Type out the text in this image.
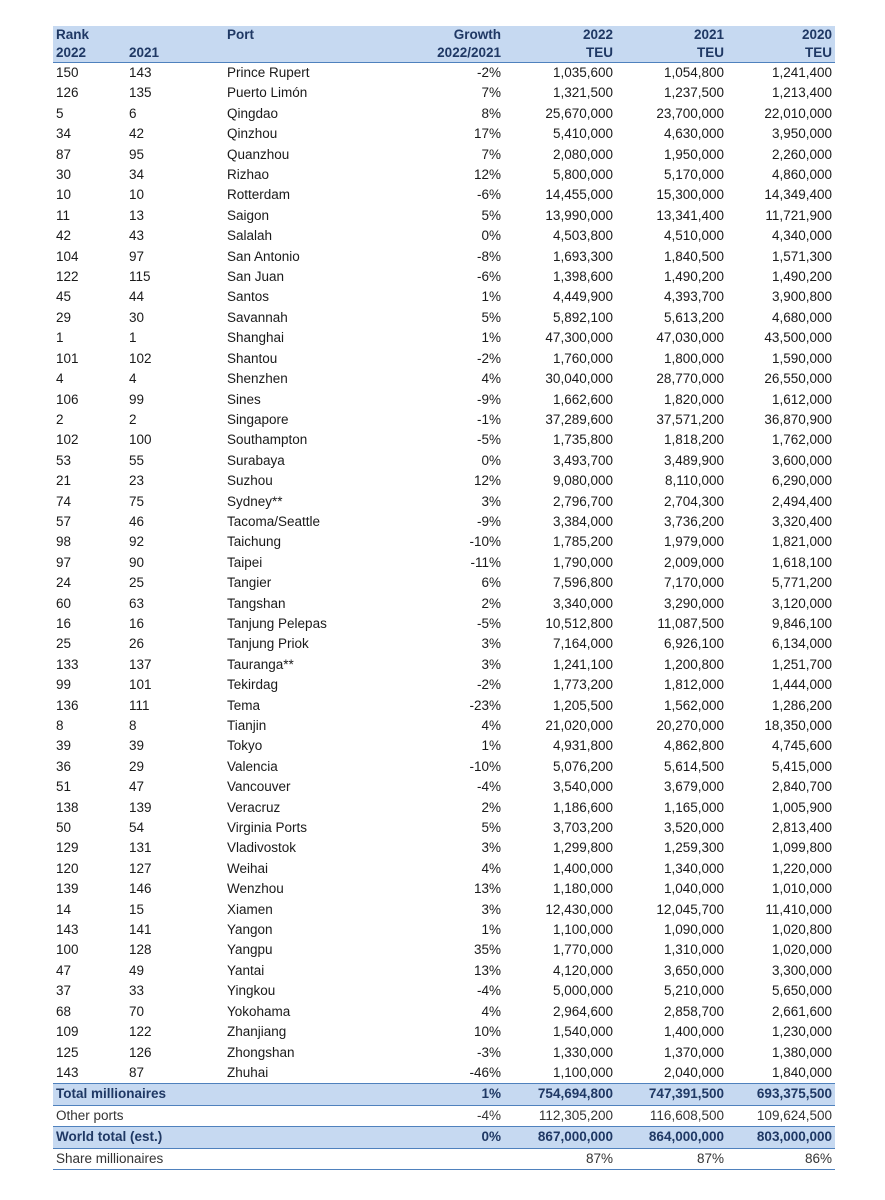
Rank		Port	Growth	2022	2021	2020
2022	2021		2022/2021	TEU	TEU	TEU
150	143	Prince Rupert	-2%	1,035,600	1,054,800	1,241,400
126	135	Puerto Limón	7%	1,321,500	1,237,500	1,213,400
5	6	Qingdao	8%	25,670,000	23,700,000	22,010,000
34	42	Qinzhou	17%	5,410,000	4,630,000	3,950,000
87	95	Quanzhou	7%	2,080,000	1,950,000	2,260,000
30	34	Rizhao	12%	5,800,000	5,170,000	4,860,000
10	10	Rotterdam	-6%	14,455,000	15,300,000	14,349,400
11	13	Saigon	5%	13,990,000	13,341,400	11,721,900
42	43	Salalah	0%	4,503,800	4,510,000	4,340,000
104	97	San Antonio	-8%	1,693,300	1,840,500	1,571,300
122	115	San Juan	-6%	1,398,600	1,490,200	1,490,200
45	44	Santos	1%	4,449,900	4,393,700	3,900,800
29	30	Savannah	5%	5,892,100	5,613,200	4,680,000
1	1	Shanghai	1%	47,300,000	47,030,000	43,500,000
101	102	Shantou	-2%	1,760,000	1,800,000	1,590,000
4	4	Shenzhen	4%	30,040,000	28,770,000	26,550,000
106	99	Sines	-9%	1,662,600	1,820,000	1,612,000
2	2	Singapore	-1%	37,289,600	37,571,200	36,870,900
102	100	Southampton	-5%	1,735,800	1,818,200	1,762,000
53	55	Surabaya	0%	3,493,700	3,489,900	3,600,000
21	23	Suzhou	12%	9,080,000	8,110,000	6,290,000
74	75	Sydney**	3%	2,796,700	2,704,300	2,494,400
57	46	Tacoma/Seattle	-9%	3,384,000	3,736,200	3,320,400
98	92	Taichung	-10%	1,785,200	1,979,000	1,821,000
97	90	Taipei	-11%	1,790,000	2,009,000	1,618,100
24	25	Tangier	6%	7,596,800	7,170,000	5,771,200
60	63	Tangshan	2%	3,340,000	3,290,000	3,120,000
16	16	Tanjung Pelepas	-5%	10,512,800	11,087,500	9,846,100
25	26	Tanjung Priok	3%	7,164,000	6,926,100	6,134,000
133	137	Tauranga**	3%	1,241,100	1,200,800	1,251,700
99	101	Tekirdag	-2%	1,773,200	1,812,000	1,444,000
136	111	Tema	-23%	1,205,500	1,562,000	1,286,200
8	8	Tianjin	4%	21,020,000	20,270,000	18,350,000
39	39	Tokyo	1%	4,931,800	4,862,800	4,745,600
36	29	Valencia	-10%	5,076,200	5,614,500	5,415,000
51	47	Vancouver	-4%	3,540,000	3,679,000	2,840,700
138	139	Veracruz	2%	1,186,600	1,165,000	1,005,900
50	54	Virginia Ports	5%	3,703,200	3,520,000	2,813,400
129	131	Vladivostok	3%	1,299,800	1,259,300	1,099,800
120	127	Weihai	4%	1,400,000	1,340,000	1,220,000
139	146	Wenzhou	13%	1,180,000	1,040,000	1,010,000
14	15	Xiamen	3%	12,430,000	12,045,700	11,410,000
143	141	Yangon	1%	1,100,000	1,090,000	1,020,800
100	128	Yangpu	35%	1,770,000	1,310,000	1,020,000
47	49	Yantai	13%	4,120,000	3,650,000	3,300,000
37	33	Yingkou	-4%	5,000,000	5,210,000	5,650,000
68	70	Yokohama	4%	2,964,600	2,858,700	2,661,600
109	122	Zhanjiang	10%	1,540,000	1,400,000	1,230,000
125	126	Zhongshan	-3%	1,330,000	1,370,000	1,380,000
143	87	Zhuhai	-46%	1,100,000	2,040,000	1,840,000
Total millionaires			1%	754,694,800	747,391,500	693,375,500
Other ports			-4%	112,305,200	116,608,500	109,624,500
World total (est.)			0%	867,000,000	864,000,000	803,000,000
Share millionaires				87%	87%	86%
